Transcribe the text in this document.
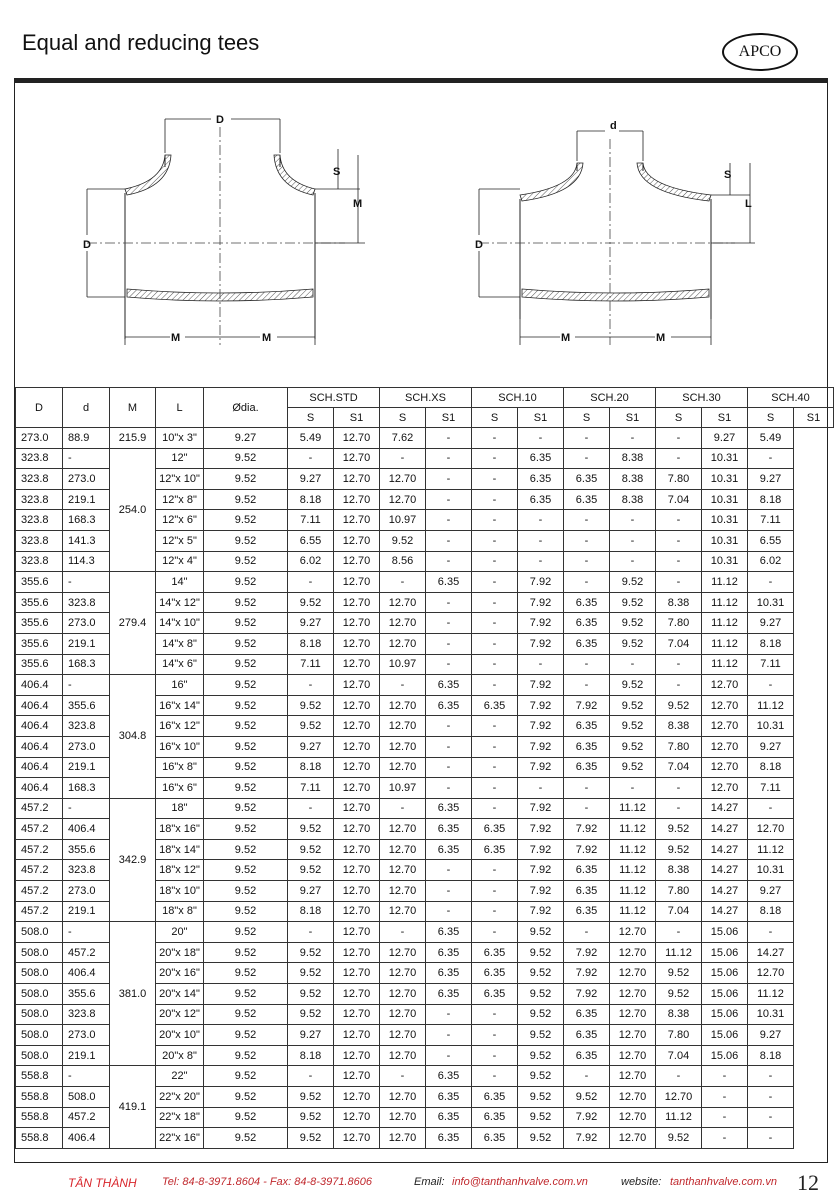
Equal and reducing tees	APCO
D
S
M
D
M	M
d
S
L
D
M	M
D	d	M	L	Ødia.	SCH.STD		SCH.XS		SCH.10		SCH.20		SCH.30		SCH.40	
					S	S1	S	S1	S	S1	S	S1	S	S1	S	S1
273.0	88.9	215.9	10"x 3"	9.27	5.49	12.70	7.62	-	-	-	-	-	-	9.27	5.49	
323.8	-	254.0	12"	9.52	-	12.70	-	-	-	6.35	-	8.38	-	10.31	-	
323.8	273.0		12"x 10"	9.52	9.27	12.70	12.70	-	-	6.35	6.35	8.38	7.80	10.31	9.27	
323.8	219.1		12"x 8"	9.52	8.18	12.70	12.70	-	-	6.35	6.35	8.38	7.04	10.31	8.18	
323.8	168.3		12"x 6"	9.52	7.11	12.70	10.97	-	-	-	-	-	-	10.31	7.11	
323.8	141.3		12"x 5"	9.52	6.55	12.70	9.52	-	-	-	-	-	-	10.31	6.55	
323.8	114.3		12"x 4"	9.52	6.02	12.70	8.56	-	-	-	-	-	-	10.31	6.02	
355.6	-	279.4	14"	9.52	-	12.70	-	6.35	-	7.92	-	9.52	-	11.12	-	
355.6	323.8		14"x 12"	9.52	9.52	12.70	12.70	-	-	7.92	6.35	9.52	8.38	11.12	10.31	
355.6	273.0		14"x 10"	9.52	9.27	12.70	12.70	-	-	7.92	6.35	9.52	7.80	11.12	9.27	
355.6	219.1		14"x 8"	9.52	8.18	12.70	12.70	-	-	7.92	6.35	9.52	7.04	11.12	8.18	
355.6	168.3		14"x 6"	9.52	7.11	12.70	10.97	-	-	-	-	-	-	11.12	7.11	
406.4	-	304.8	16"	9.52	-	12.70	-	6.35	-	7.92	-	9.52	-	12.70	-	
406.4	355.6		16"x 14"	9.52	9.52	12.70	12.70	6.35	6.35	7.92	7.92	9.52	9.52	12.70	11.12	
406.4	323.8		16"x 12"	9.52	9.52	12.70	12.70	-	-	7.92	6.35	9.52	8.38	12.70	10.31	
406.4	273.0		16"x 10"	9.52	9.27	12.70	12.70	-	-	7.92	6.35	9.52	7.80	12.70	9.27	
406.4	219.1		16"x 8"	9.52	8.18	12.70	12.70	-	-	7.92	6.35	9.52	7.04	12.70	8.18	
406.4	168.3		16"x 6"	9.52	7.11	12.70	10.97	-	-	-	-	-	-	12.70	7.11	
457.2	-	342.9	18"	9.52	-	12.70	-	6.35	-	7.92	-	11.12	-	14.27	-	
457.2	406.4		18"x 16"	9.52	9.52	12.70	12.70	6.35	6.35	7.92	7.92	11.12	9.52	14.27	12.70	
457.2	355.6		18"x 14"	9.52	9.52	12.70	12.70	6.35	6.35	7.92	7.92	11.12	9.52	14.27	11.12	
457.2	323.8		18"x 12"	9.52	9.52	12.70	12.70	-	-	7.92	6.35	11.12	8.38	14.27	10.31	
457.2	273.0		18"x 10"	9.52	9.27	12.70	12.70	-	-	7.92	6.35	11.12	7.80	14.27	9.27	
457.2	219.1		18"x 8"	9.52	8.18	12.70	12.70	-	-	7.92	6.35	11.12	7.04	14.27	8.18	
508.0	-	381.0	20"	9.52	-	12.70	-	6.35	-	9.52	-	12.70	-	15.06	-	
508.0	457.2		20"x 18"	9.52	9.52	12.70	12.70	6.35	6.35	9.52	7.92	12.70	11.12	15.06	14.27	
508.0	406.4		20"x 16"	9.52	9.52	12.70	12.70	6.35	6.35	9.52	7.92	12.70	9.52	15.06	12.70	
508.0	355.6		20"x 14"	9.52	9.52	12.70	12.70	6.35	6.35	9.52	7.92	12.70	9.52	15.06	11.12	
508.0	323.8		20"x 12"	9.52	9.52	12.70	12.70	-	-	9.52	6.35	12.70	8.38	15.06	10.31	
508.0	273.0		20"x 10"	9.52	9.27	12.70	12.70	-	-	9.52	6.35	12.70	7.80	15.06	9.27	
508.0	219.1		20"x 8"	9.52	8.18	12.70	12.70	-	-	9.52	6.35	12.70	7.04	15.06	8.18	
558.8	-	419.1	22"	9.52	-	12.70	-	6.35	-	9.52	-	12.70	-	-	-	
558.8	508.0		22"x 20"	9.52	9.52	12.70	12.70	6.35	6.35	9.52	9.52	12.70	12.70	-	-	
558.8	457.2		22"x 18"	9.52	9.52	12.70	12.70	6.35	6.35	9.52	7.92	12.70	11.12	-	-	
558.8	406.4		22"x 16"	9.52	9.52	12.70	12.70	6.35	6.35	9.52	7.92	12.70	9.52	-	-	
TÂN THÀNH Tel: 84-8-3971.8604 - Fax: 84-8-3971.8606	Email: info@tanthanhvalve.com.vn	website: tanthanhvalve.com.vn 12
